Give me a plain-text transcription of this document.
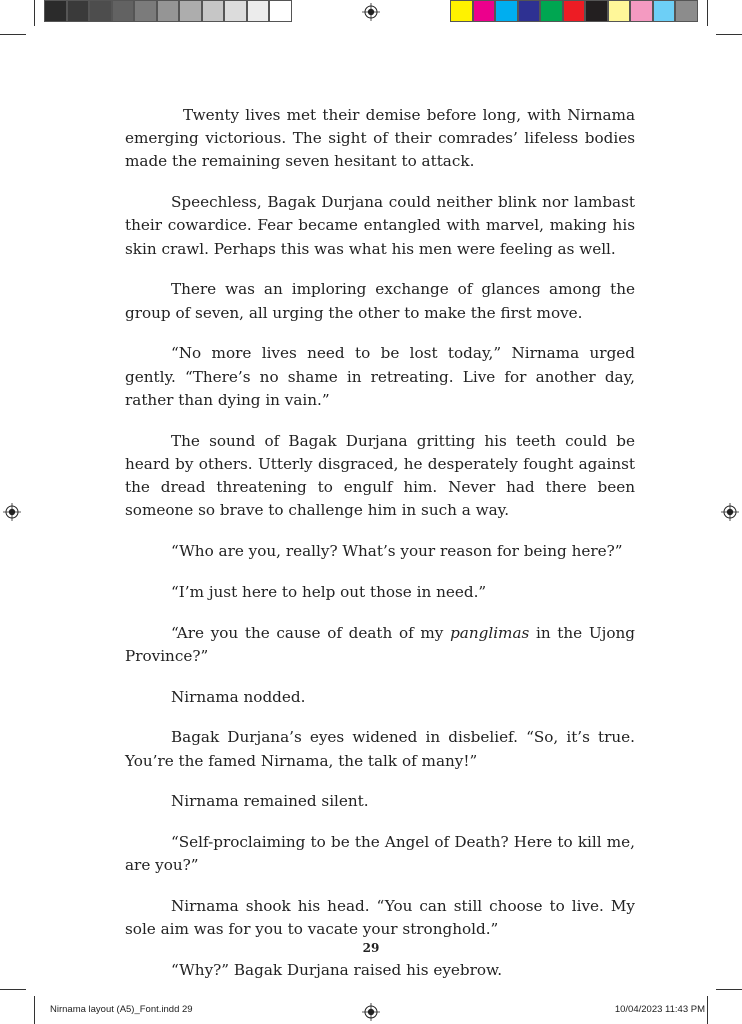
Twenty lives met their demise before long, with Nirnama emerging victorious. The sight of their comrades’ lifeless bodies made the remaining seven hesitant to attack.

Speechless, Bagak Durjana could neither blink nor lambast their cowardice. Fear became entangled with marvel, making his skin crawl. Perhaps this was what his men were feeling as well.

There was an imploring exchange of glances among the group of seven, all urging the other to make the first move.

“No more lives need to be lost today,” Nirnama urged gently. “There’s no shame in retreating. Live for another day, rather than dying in vain.”

The sound of Bagak Durjana gritting his teeth could be heard by others. Utterly disgraced, he desperately fought against the dread threatening to engulf him. Never had there been someone so brave to challenge him in such a way.

“Who are you, really? What’s your reason for being here?”

“I’m just here to help out those in need.”

“Are you the cause of death of my panglimas in the Ujong Province?”

Nirnama nodded.

Bagak Durjana’s eyes widened in disbelief. “So, it’s true. You’re the famed Nirnama, the talk of many!”

Nirnama remained silent.

“Self-proclaiming to be the Angel of Death? Here to kill me, are you?”

Nirnama shook his head. “You can still choose to live. My sole aim was for you to vacate your stronghold.”

“Why?” Bagak Durjana raised his eyebrow.

29
Nirnama layout (A5)_Font.indd 29	10/04/2023 11:43 PM
